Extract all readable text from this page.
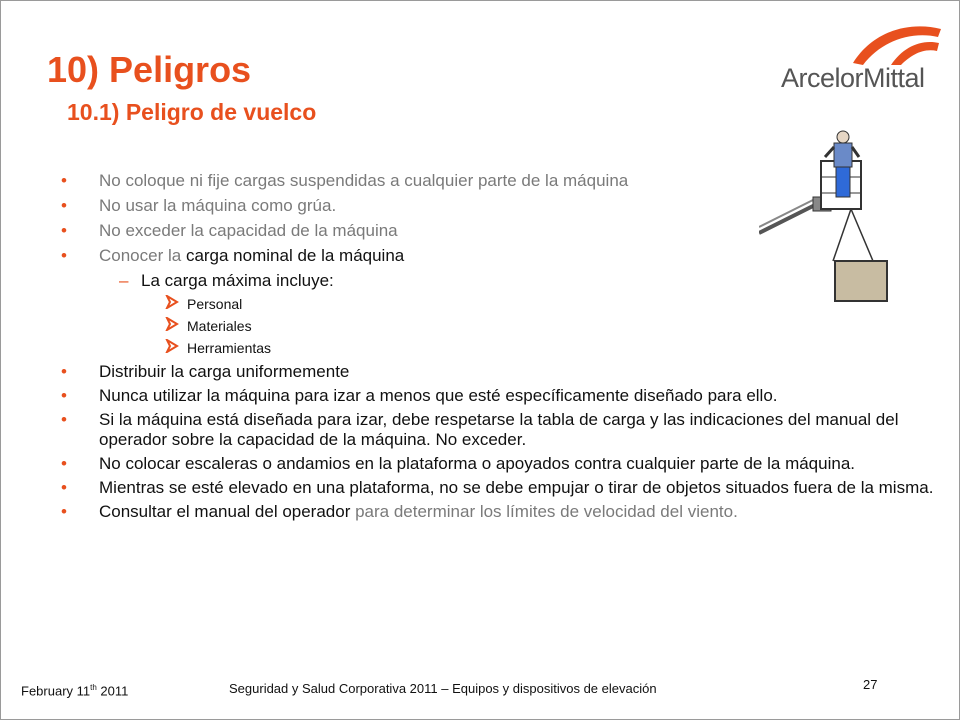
10) Peligros
10.1) Peligro de vuelco
ArcelorMittal
•	No coloque ni fije cargas suspendidas a cualquier parte de la máquina
•	No usar la máquina como grúa.
•	No exceder la capacidad de la máquina
•	Conocer la carga nominal de la máquina
– La carga máxima incluye:
Personal
Materiales
Herramientas
•	Distribuir la carga uniformemente
•	Nunca utilizar la máquina para izar a menos que esté específicamente diseñado para ello.
•	Si la máquina está diseñada para izar, debe respetarse la tabla de carga y las indicaciones del manual del operador sobre la capacidad de la máquina. No exceder.
•	No colocar escaleras o andamios en la plataforma o apoyados contra cualquier parte de la máquina.
•	Mientras se esté elevado en una plataforma, no se debe empujar o tirar de objetos situados fuera de la misma.
•	Consultar el manual del operador para determinar los límites de velocidad del viento.
February 11th 2011	Seguridad y Salud Corporativa 2011 – Equipos y dispositivos de elevación	27
